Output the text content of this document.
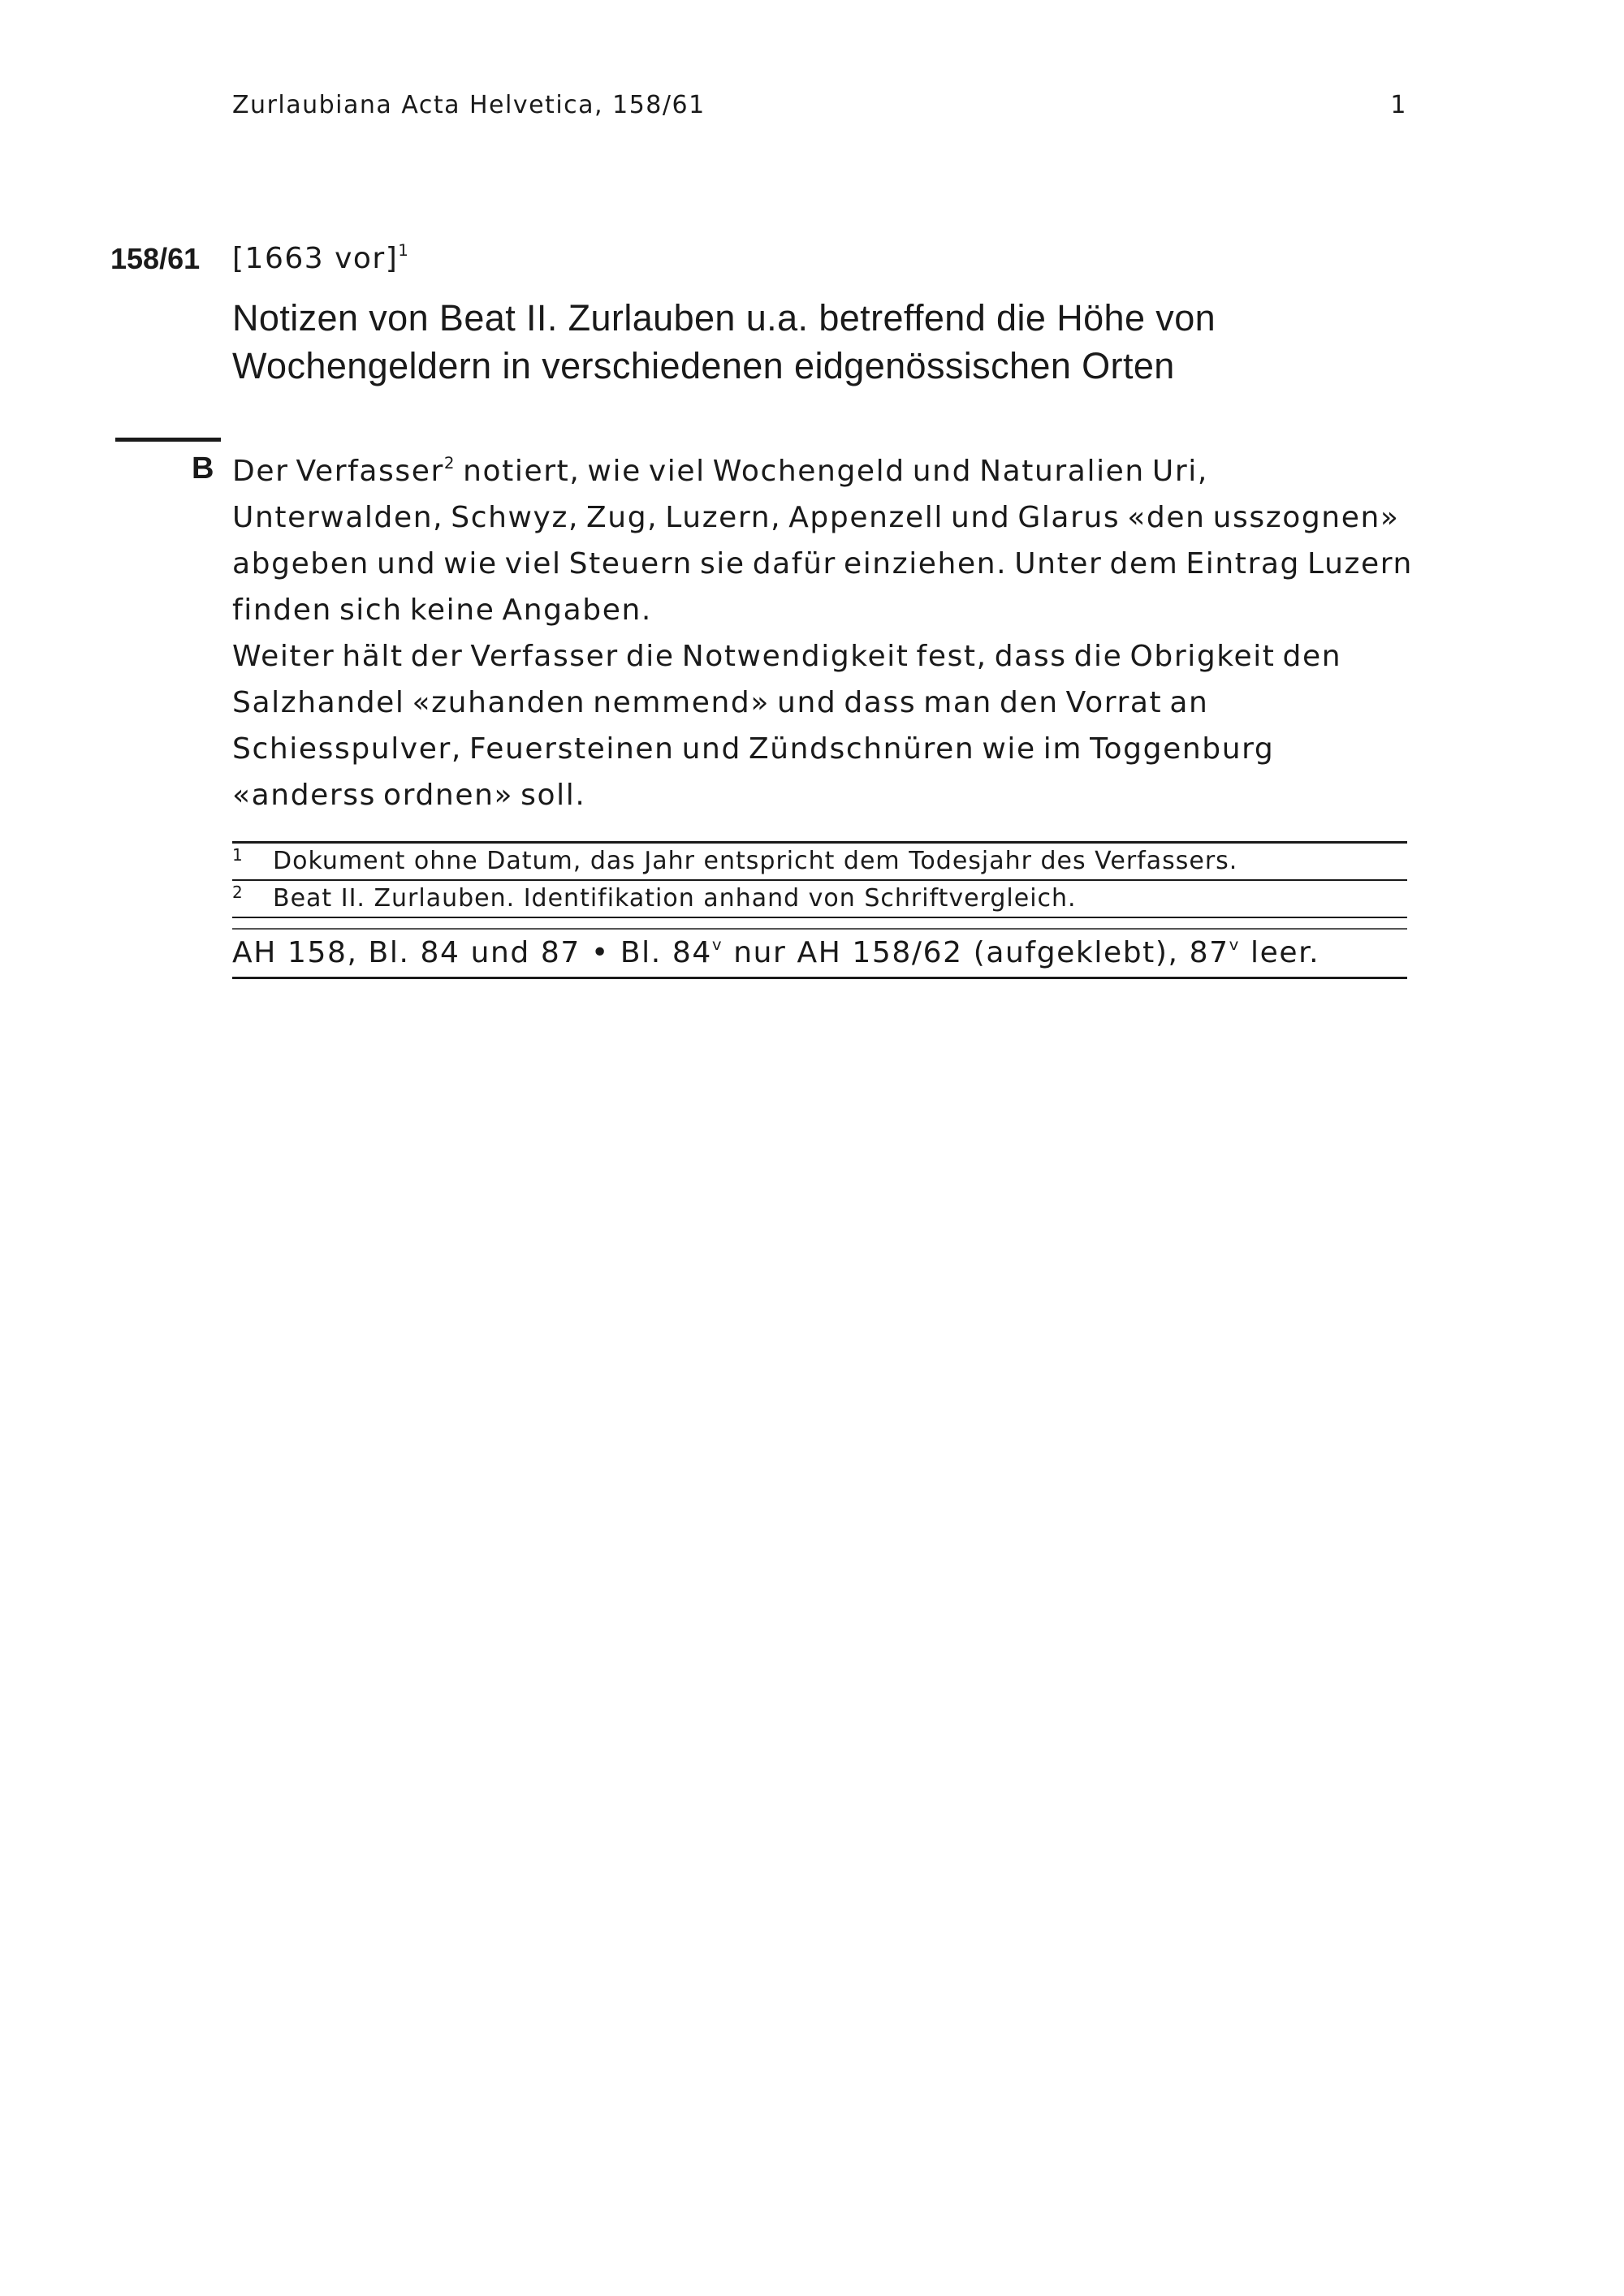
Zurlaubiana Acta Helvetica, 158/61	1
158/61 [1663 vor]$^1$
Notizen von Beat II. Zurlauben u.a. betreffend die Höhe von
Wochengeldern in verschiedenen eidgenössischen Orten
B Der Verfasser$^2$ notiert, wie viel Wochengeld und Naturalien Uri, Unterwalden, Schwyz, Zug, Luzern, Appenzell und Glarus «den usszognen» abgeben und wie viel Steuern sie dafür einziehen. Unter dem Eintrag Luzern finden sich keine Angaben.

Weiter hält der Verfasser die Notwendigkeit fest, dass die Obrigkeit den Salzhandel «zuhanden nemmend» und dass man den Vorrat an Schiesspulver, Feuersteinen und Zündschnüren wie im Toggenburg «anderss ordnen» soll.

1 Dokument ohne Datum, das Jahr entspricht dem Todesjahr des Verfassers.
2 Beat II. Zurlauben. Identifikation anhand von Schriftvergleich.
AH 158, Bl. 84 und 87 • Bl. 84$^v$ nur AH 158/62 (aufgeklebt), 87$^v$ leer.
